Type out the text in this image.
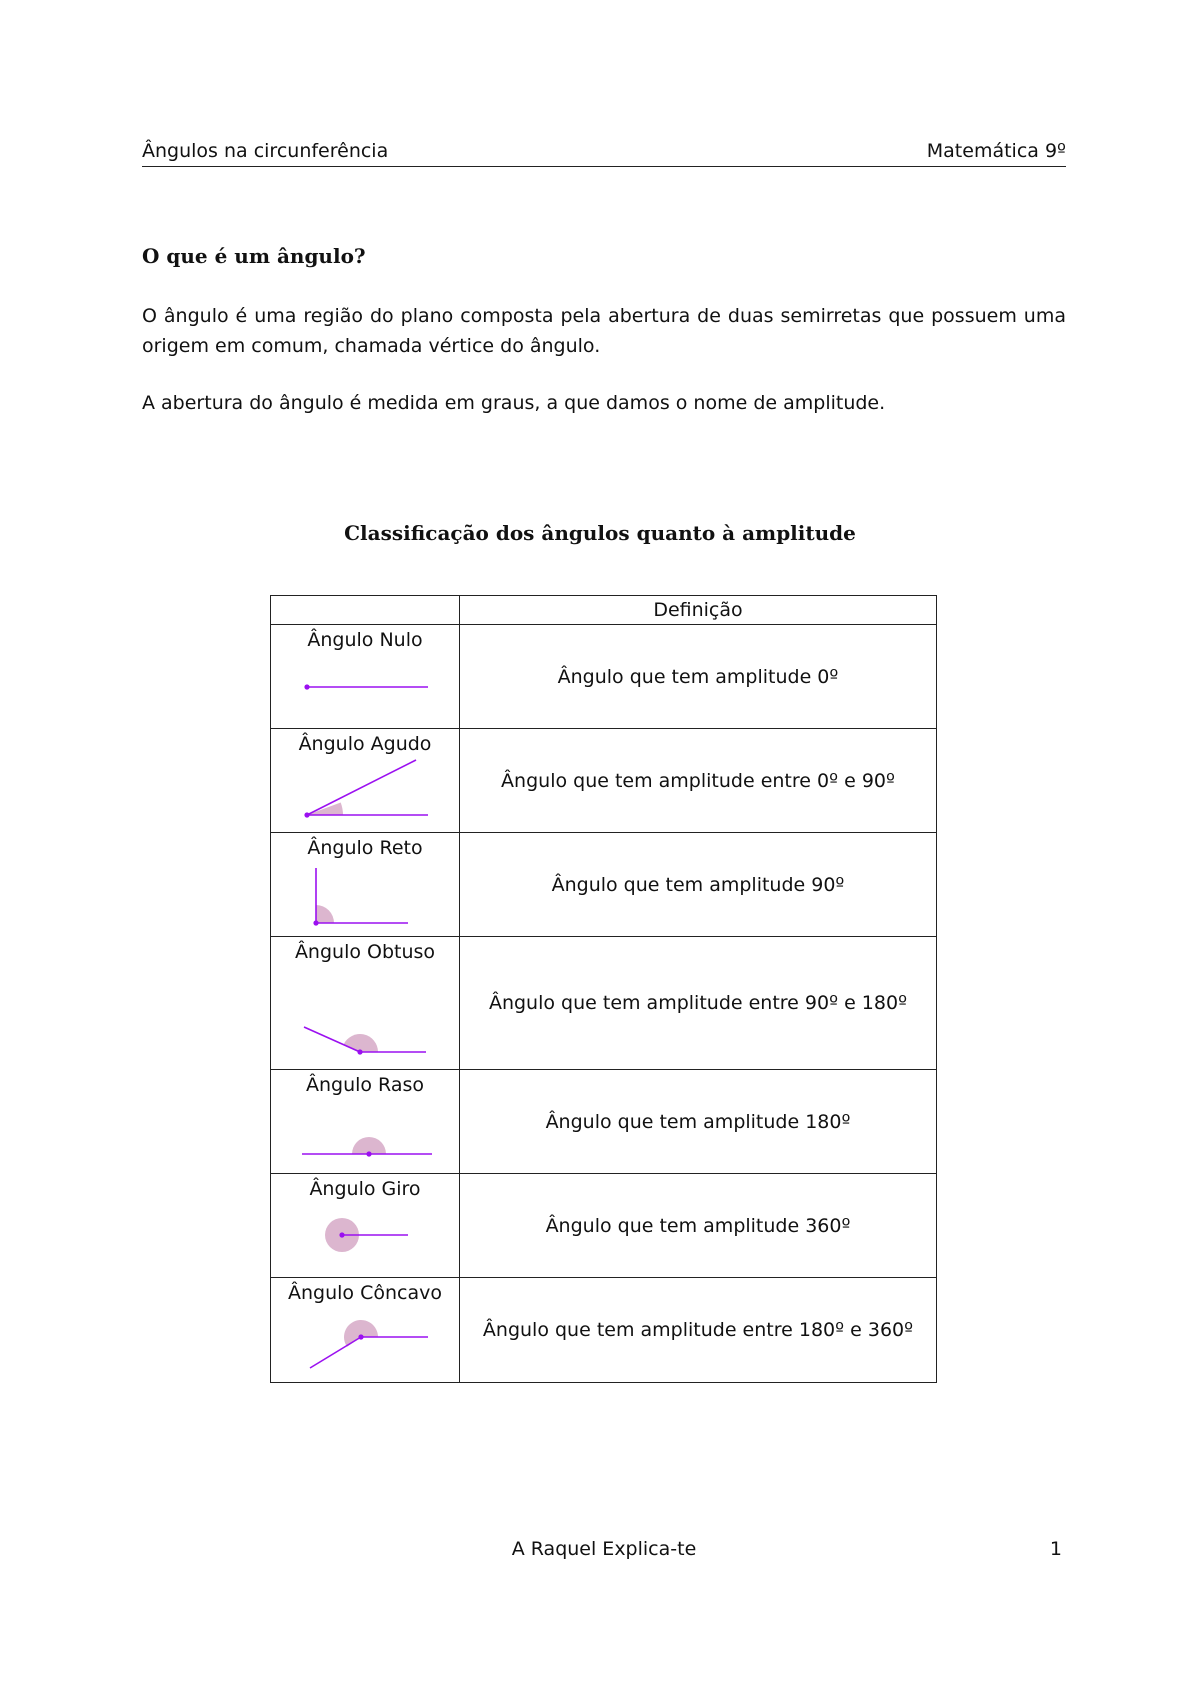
Ângulos na circunferência	Matemática 9º
O que é um ângulo?
O ângulo é uma região do plano composta pela abertura de duas semirretas que possuem uma origem em comum, chamada vértice do ângulo.
A abertura do ângulo é medida em graus, a que damos o nome de amplitude.
Classificação dos ângulos quanto à amplitude
	Definição

Ângulo Nulo	Ângulo que tem amplitude 0º

Ângulo Agudo	Ângulo que tem amplitude entre 0º e 90º

Ângulo Reto	Ângulo que tem amplitude 90º

Ângulo Obtuso	Ângulo que tem amplitude entre 90º e 180º

Ângulo Raso	Ângulo que tem amplitude 180º

Ângulo Giro	Ângulo que tem amplitude 360º

Ângulo Côncavo	Ângulo que tem amplitude entre 180º e 360º
A Raquel Explica-te	1
